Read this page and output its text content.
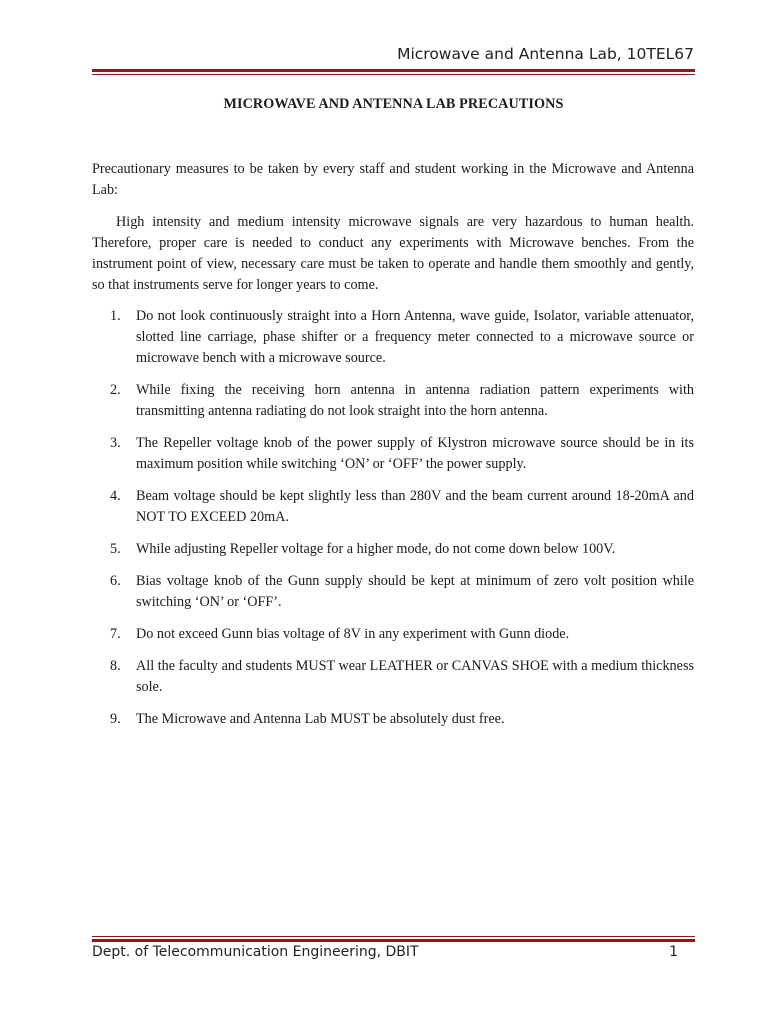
Microwave and Antenna Lab, 10TEL67
MICROWAVE AND ANTENNA LAB PRECAUTIONS
Precautionary measures to be taken by every staff and student working in the Microwave and Antenna Lab:
High intensity and medium intensity microwave signals are very hazardous to human health. Therefore, proper care is needed to conduct any experiments with Microwave benches. From the instrument point of view, necessary care must be taken to operate and handle them smoothly and gently, so that instruments serve for longer years to come.
1. Do not look continuously straight into a Horn Antenna, wave guide, Isolator, variable attenuator, slotted line carriage, phase shifter or a frequency meter connected to a microwave source or microwave bench with a microwave source.
2. While fixing the receiving horn antenna in antenna radiation pattern experiments with transmitting antenna radiating do not look straight into the horn antenna.
3. The Repeller voltage knob of the power supply of Klystron microwave source should be in its maximum position while switching ‘ON’ or ‘OFF’ the power supply.
4. Beam voltage should be kept slightly less than 280V and the beam current around 18-20mA and NOT TO EXCEED 20mA.
5. While adjusting Repeller voltage for a higher mode, do not come down below 100V.
6. Bias voltage knob of the Gunn supply should be kept at minimum of zero volt position while switching ‘ON’ or ‘OFF’.
7. Do not exceed Gunn bias voltage of 8V in any experiment with Gunn diode.
8. All the faculty and students MUST wear LEATHER or CANVAS SHOE with a medium thickness sole.
9. The Microwave and Antenna Lab MUST be absolutely dust free.
Dept. of Telecommunication Engineering, DBIT	1
